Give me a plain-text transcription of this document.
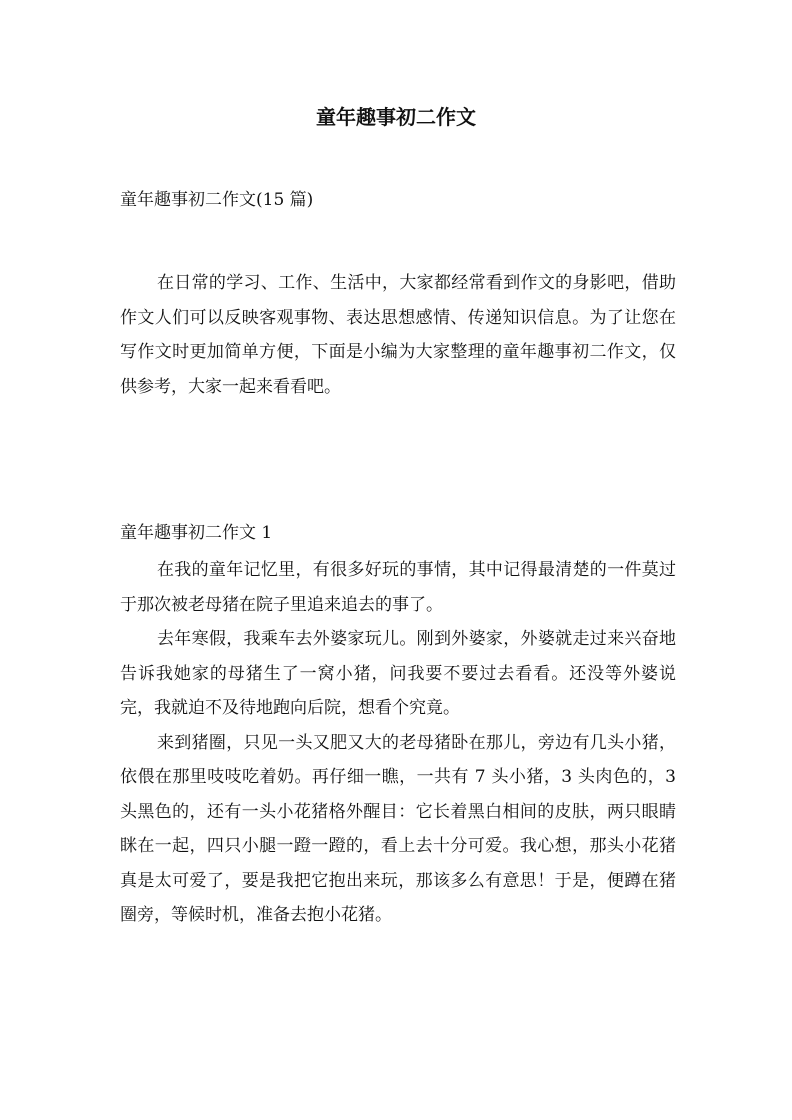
童年趣事初二作文
童年趣事初二作文(15 篇)

在日常的学习、工作、生活中，大家都经常看到作文的身影吧，借助作文人们可以反映客观事物、表达思想感情、传递知识信息。为了让您在写作文时更加简单方便，下面是小编为大家整理的童年趣事初二作文，仅供参考，大家一起来看看吧。

童年趣事初二作文 1

在我的童年记忆里，有很多好玩的事情，其中记得最清楚的一件莫过于那次被老母猪在院子里追来追去的事了。

去年寒假，我乘车去外婆家玩儿。刚到外婆家，外婆就走过来兴奋地告诉我她家的母猪生了一窝小猪，问我要不要过去看看。还没等外婆说完，我就迫不及待地跑向后院，想看个究竟。

来到猪圈，只见一头又肥又大的老母猪卧在那儿，旁边有几头小猪，依偎在那里吱吱吃着奶。再仔细一瞧，一共有 7 头小猪，3 头肉色的，3 头黑色的，还有一头小花猪格外醒目：它长着黑白相间的皮肤，两只眼睛眯在一起，四只小腿一蹬一蹬的，看上去十分可爱。我心想，那头小花猪真是太可爱了，要是我把它抱出来玩，那该多么有意思！于是，便蹲在猪圈旁，等候时机，准备去抱小花猪。
